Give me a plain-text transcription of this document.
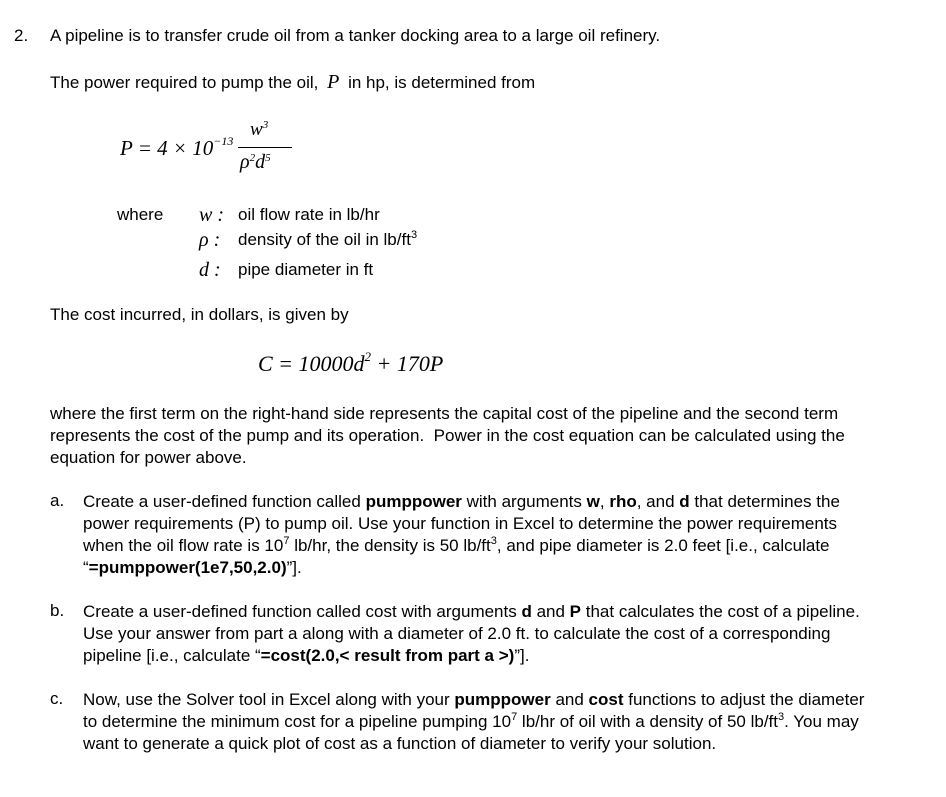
2. A pipeline is to transfer crude oil from a tanker docking area to a large oil refinery.
The power required to pump the oil, P in hp, is determined from
$P = 4 \times 10^{-13}$
$w^3$
$\rho^2d^5$
where w : oil flow rate in lb/hr
ρ : density of the oil in $lb/ft^3$
d : pipe diameter in ft
The cost incurred, in dollars, is given by
$C = 10000d^2 + 170P$
where the first term on the right-hand side represents the capital cost of the pipeline and the second term represents the cost of the pump and its operation.  Power in the cost equation can be calculated using the equation for power above.
a. Create a user-defined function called pumppower with arguments w, rho, and d that determines the power requirements (P) to pump oil. Use your function in Excel to determine the power requirements when the oil flow rate is $10^7$ lb/hr, the density is 50 $lb/ft^3$, and pipe diameter is 2.0 feet [i.e., calculate “=pumppower(1e7,50,2.0)”].
b. Create a user-defined function called cost with arguments d and P that calculates the cost of a pipeline. Use your answer from part a along with a diameter of 2.0 ft. to calculate the cost of a corresponding pipeline [i.e., calculate “=cost(2.0,< result from part a >)”].
c. Now, use the Solver tool in Excel along with your pumppower and cost functions to adjust the diameter to determine the minimum cost for a pipeline pumping $10^7$ lb/hr of oil with a density of 50 $lb/ft^3$. You may want to generate a quick plot of cost as a function of diameter to verify your solution.
